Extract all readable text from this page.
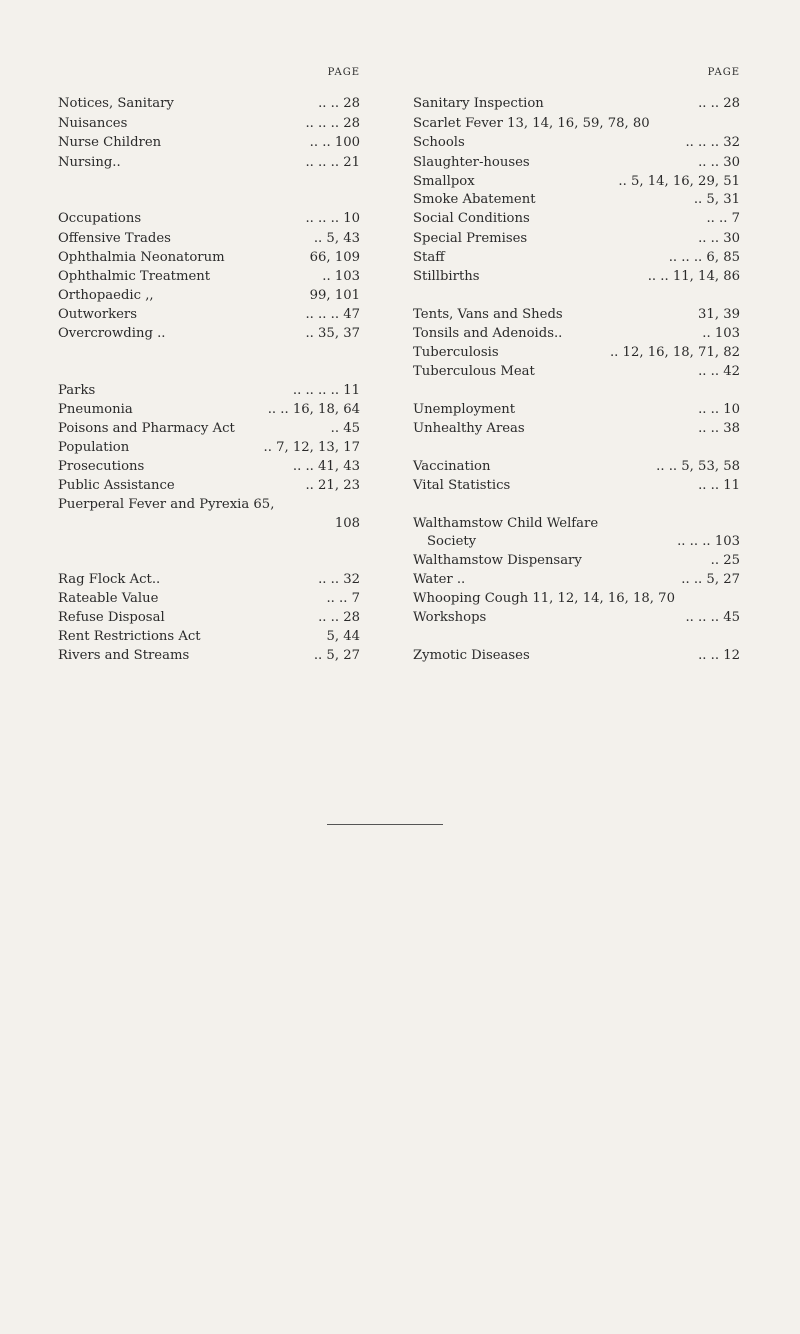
PAGE
Notices, Sanitary	.. .. 28
Nuisances	.. .. .. 28
Nurse Children	.. .. 100
Nursing..	.. .. .. 21
Occupations	.. .. .. 10
Offensive Trades	.. 5, 43
Ophthalmia Neonatorum	66, 109
Ophthalmic Treatment	.. 103
Orthopaedic ,,	99, 101
Outworkers	.. .. .. 47
Overcrowding ..	.. 35, 37
Parks	.. .. .. .. 11
Pneumonia	.. .. 16, 18, 64
Poisons and Pharmacy Act	.. 45
Population	.. 7, 12, 13, 17
Prosecutions	.. .. 41, 43
Public Assistance	.. 21, 23
Puerperal Fever and Pyrexia 65,
108
Rag Flock Act..	.. .. 32
Rateable Value	.. .. 7
Refuse Disposal	.. .. 28
Rent Restrictions Act	5, 44
Rivers and Streams	.. 5, 27
PAGE
Sanitary Inspection	.. .. 28
Scarlet Fever 13, 14, 16, 59, 78, 80
Schools	.. .. .. 32
Slaughter-houses	.. .. 30
Smallpox	.. 5, 14, 16, 29, 51
Smoke Abatement	.. 5, 31
Social Conditions	.. .. 7
Special Premises	.. .. 30
Staff	.. .. .. 6, 85
Stillbirths	.. .. 11, 14, 86
Tents, Vans and Sheds	31, 39
Tonsils and Adenoids..	.. 103
Tuberculosis	.. 12, 16, 18, 71, 82
Tuberculous Meat	.. .. 42
Unemployment	.. .. 10
Unhealthy Areas	.. .. 38
Vaccination	.. .. 5, 53, 58
Vital Statistics	.. .. 11
Walthamstow Child Welfare
Society	.. .. .. 103
Walthamstow Dispensary	.. 25
Water ..	.. .. 5, 27
Whooping Cough 11, 12, 14, 16, 18, 70
Workshops	.. .. .. 45
Zymotic Diseases	.. .. 12
